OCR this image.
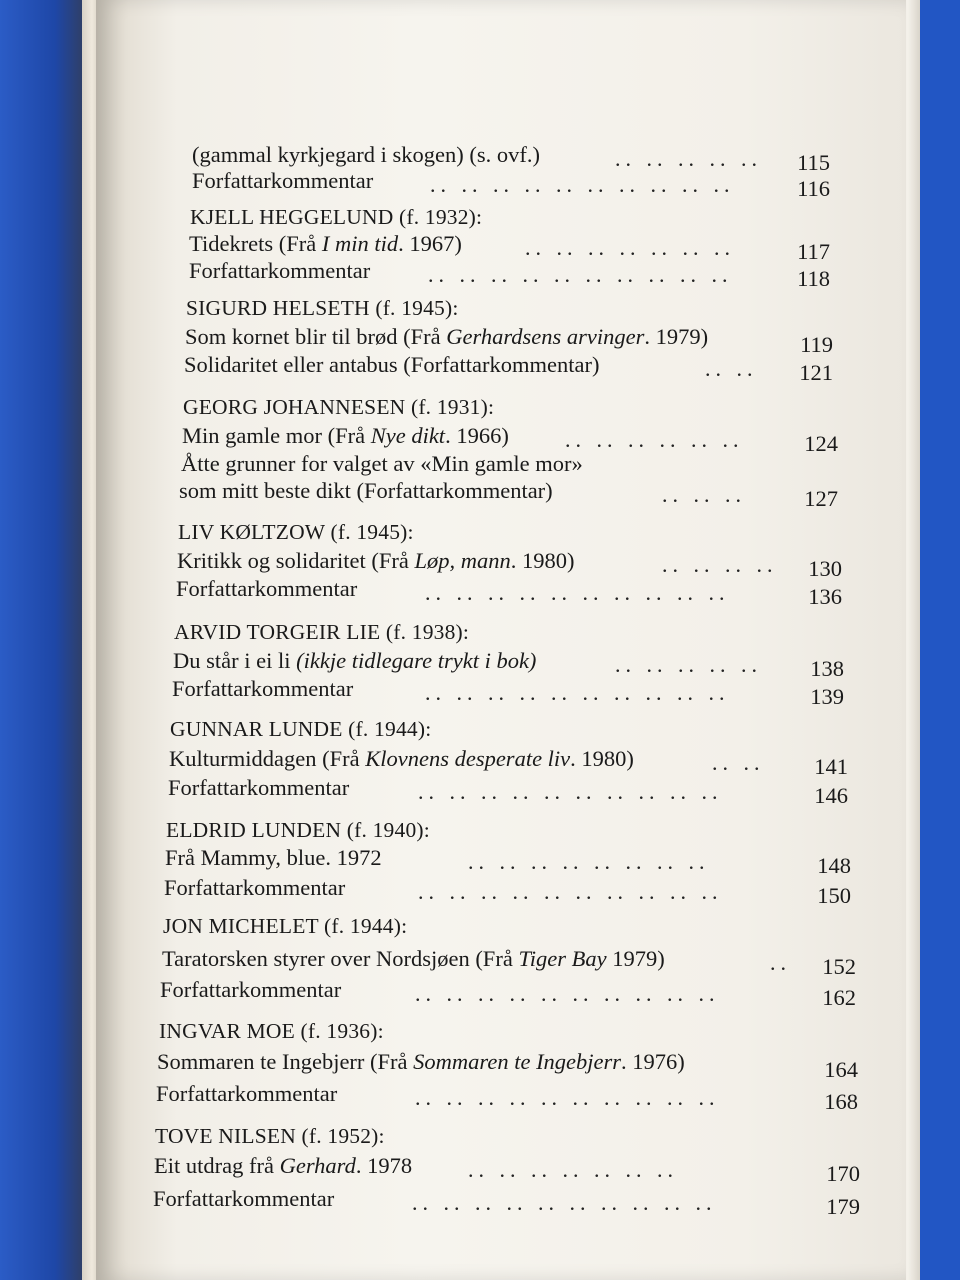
(gammal kyrkjegard i skogen) (s. ovf.)	.. .. .. .. ..	115
Forfattarkommentar	.. .. .. .. .. .. .. .. .. ..	116
KJELL HEGGELUND (f. 1932):
Tidekrets (Frå I min tid. 1967)	.. .. .. .. .. .. ..	117
Forfattarkommentar	.. .. .. .. .. .. .. .. .. ..	118
SIGURD HELSETH (f. 1945):
Som kornet blir til brød (Frå Gerhardsens arvinger. 1979)	119
Solidaritet eller antabus (Forfattarkommentar)	.. ..	121
GEORG JOHANNESEN (f. 1931):
Min gamle mor (Frå Nye dikt. 1966)	.. .. .. .. .. ..	124
Åtte grunner for valget av «Min gamle mor»
som mitt beste dikt (Forfattarkommentar)	.. .. ..	127
LIV KØLTZOW (f. 1945):
Kritikk og solidaritet (Frå Løp, mann. 1980)	.. .. .. ..	130
Forfattarkommentar	.. .. .. .. .. .. .. .. .. ..	136
ARVID TORGEIR LIE (f. 1938):
Du står i ei li (ikkje tidlegare trykt i bok)	.. .. .. .. ..	138
Forfattarkommentar	.. .. .. .. .. .. .. .. .. ..	139
GUNNAR LUNDE (f. 1944):
Kulturmiddagen (Frå Klovnens desperate liv. 1980)	.. ..	141
Forfattarkommentar	.. .. .. .. .. .. .. .. .. ..	146
ELDRID LUNDEN (f. 1940):
Frå Mammy, blue. 1972	.. .. .. .. .. .. .. ..	148
Forfattarkommentar	.. .. .. .. .. .. .. .. .. ..	150
JON MICHELET (f. 1944):
Taratorsken styrer over Nordsjøen (Frå Tiger Bay 1979)	..	152
Forfattarkommentar	.. .. .. .. .. .. .. .. .. ..	162
INGVAR MOE (f. 1936):
Sommaren te Ingebjerr (Frå Sommaren te Ingebjerr. 1976)	164
Forfattarkommentar	.. .. .. .. .. .. .. .. .. ..	168
TOVE NILSEN (f. 1952):
Eit utdrag frå Gerhard. 1978	.. .. .. .. .. .. ..	170
Forfattarkommentar	.. .. .. .. .. .. .. .. .. ..	179
